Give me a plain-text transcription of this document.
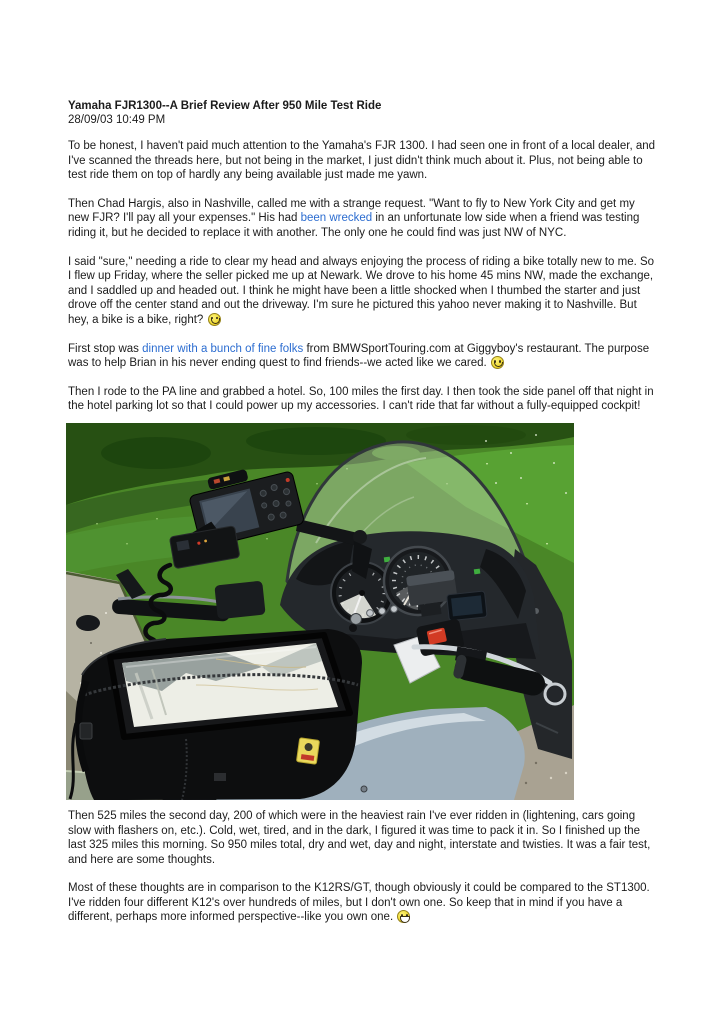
Yamaha FJR1300--A Brief Review After 950 Mile Test Ride
28/09/03 10:49 PM

To be honest, I haven't paid much attention to the Yamaha's FJR 1300. I had seen one in front of a local dealer, and I've scanned the threads here, but not being in the market, I just didn't think much about it. Plus, not being able to test ride them on top of hardly any being available just made me yawn.

Then Chad Hargis, also in Nashville, called me with a strange request. "Want to fly to New York City and get my new FJR? I'll pay all your expenses." His had been wrecked in an unfortunate low side when a friend was testing riding it, but he decided to replace it with another. The only one he could find was just NW of NYC.

I said "sure," needing a ride to clear my head and always enjoying the process of riding a bike totally new to me. So I flew up Friday, where the seller picked me up at Newark. We drove to his home 45 mins NW, made the exchange, and I saddled up and headed out. I think he might have been a little shocked when I thumbed the starter and just drove off the center stand and out the driveway. I'm sure he pictured this yahoo never making it to Nashville. But hey, a bike is a bike, right?

First stop was dinner with a bunch of fine folks from BMWSportTouring.com at Giggyboy's restaurant. The purpose was to help Brian in his never ending quest to find friends--we acted like we cared.

Then I rode to the PA line and grabbed a hotel. So, 100 miles the first day. I then took the side panel off that night in the hotel parking lot so that I could power up my accessories. I can't ride that far without a fully-equipped cockpit!

Then 525 miles the second day, 200 of which were in the heaviest rain I've ever ridden in (lightening, cars going slow with flashers on, etc.). Cold, wet, tired, and in the dark, I figured it was time to pack it in. So I finished up the last 325 miles this morning. So 950 miles total, dry and wet, day and night, interstate and twisties. It was a fair test, and here are some thoughts.

Most of these thoughts are in comparison to the K12RS/GT, though obviously it could be compared to the ST1300. I've ridden four different K12's over hundreds of miles, but I don't own one. So keep that in mind if you have a different, perhaps more informed perspective--like you own one.
